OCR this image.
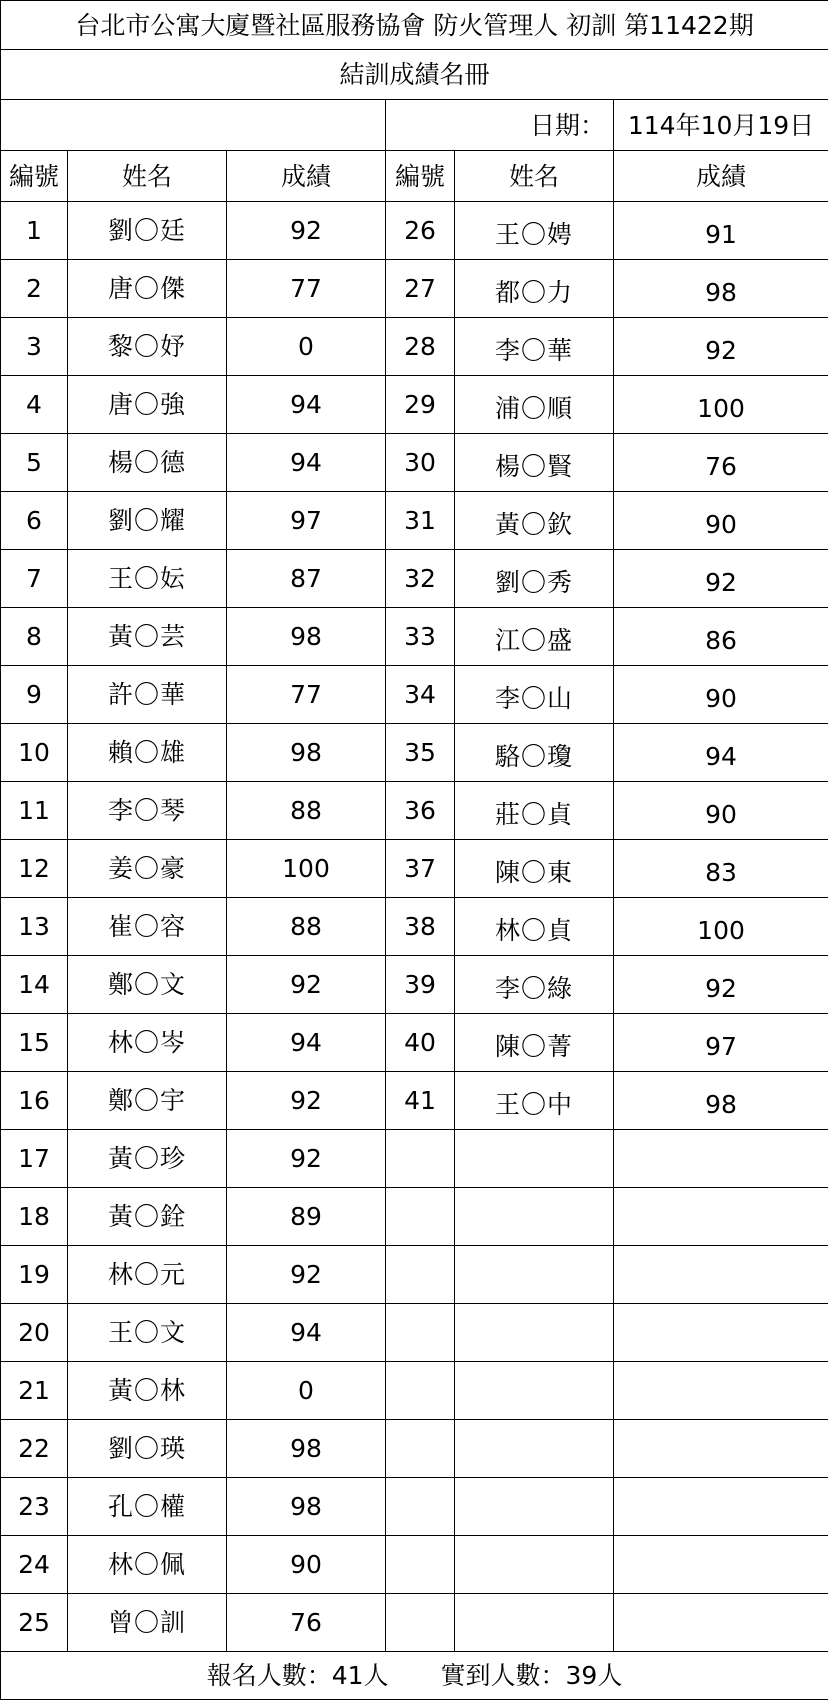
台北市公寓大廈暨社區服務協會 防火管理人 初訓 第11422期					
結訓成績名冊					
			日期：		114年10月19日
編號	姓名	成績	編號	姓名	成績
1	劉〇廷	92	26	王〇娉	91
2	唐〇傑	77	27	都〇力	98
3	黎〇妤	0	28	李〇華	92
4	唐〇強	94	29	浦〇順	100
5	楊〇德	94	30	楊〇賢	76
6	劉〇耀	97	31	黃〇欽	90
7	王〇妘	87	32	劉〇秀	92
8	黃〇芸	98	33	江〇盛	86
9	許〇華	77	34	李〇山	90
10	賴〇雄	98	35	駱〇瓊	94
11	李〇琴	88	36	莊〇貞	90
12	姜〇豪	100	37	陳〇東	83
13	崔〇容	88	38	林〇貞	100
14	鄭〇文	92	39	李〇綠	92
15	林〇岑	94	40	陳〇菁	97
16	鄭〇宇	92	41	王〇中	98
17	黃〇珍	92			
18	黃〇銓	89			
19	林〇元	92			
20	王〇文	94			
21	黃〇林	0			
22	劉〇瑛	98			
23	孔〇權	98			
24	林〇佩	90			
25	曾〇訓	76			
報名人數：41人 實到人數：39人					
